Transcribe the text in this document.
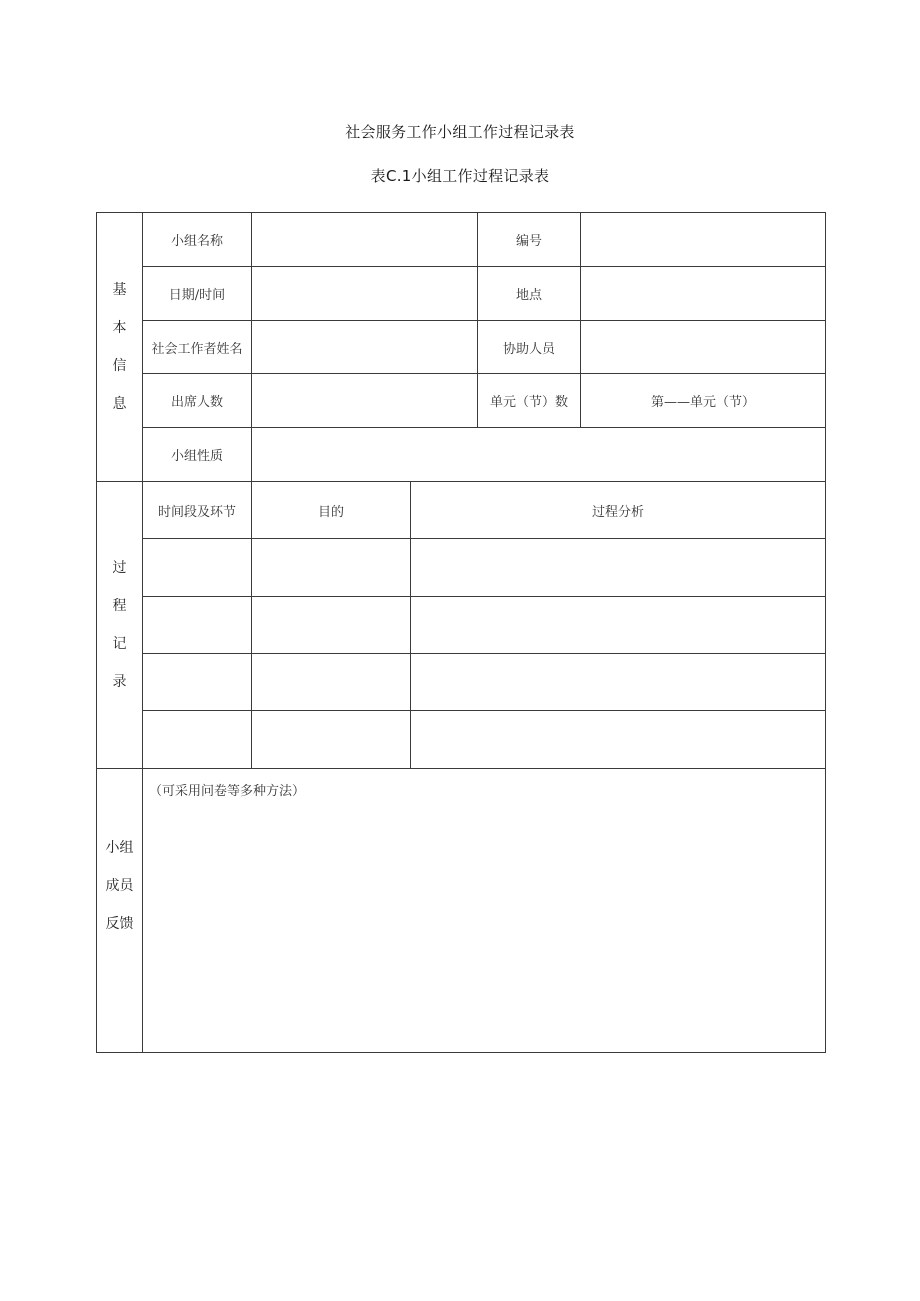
社会服务工作小组工作过程记录表
表C.1小组工作过程记录表
基
本
信
息	小组名称			编号	
	日期/时间			地点	
	社会工作者姓名			协助人员	
	出席人数			单元（节）数	第——单元（节）
	小组性质				
过
程
记
录	时间段及环节	目的	过程分析		

小组
成员
反馈	（可采用问卷等多种方法）				
